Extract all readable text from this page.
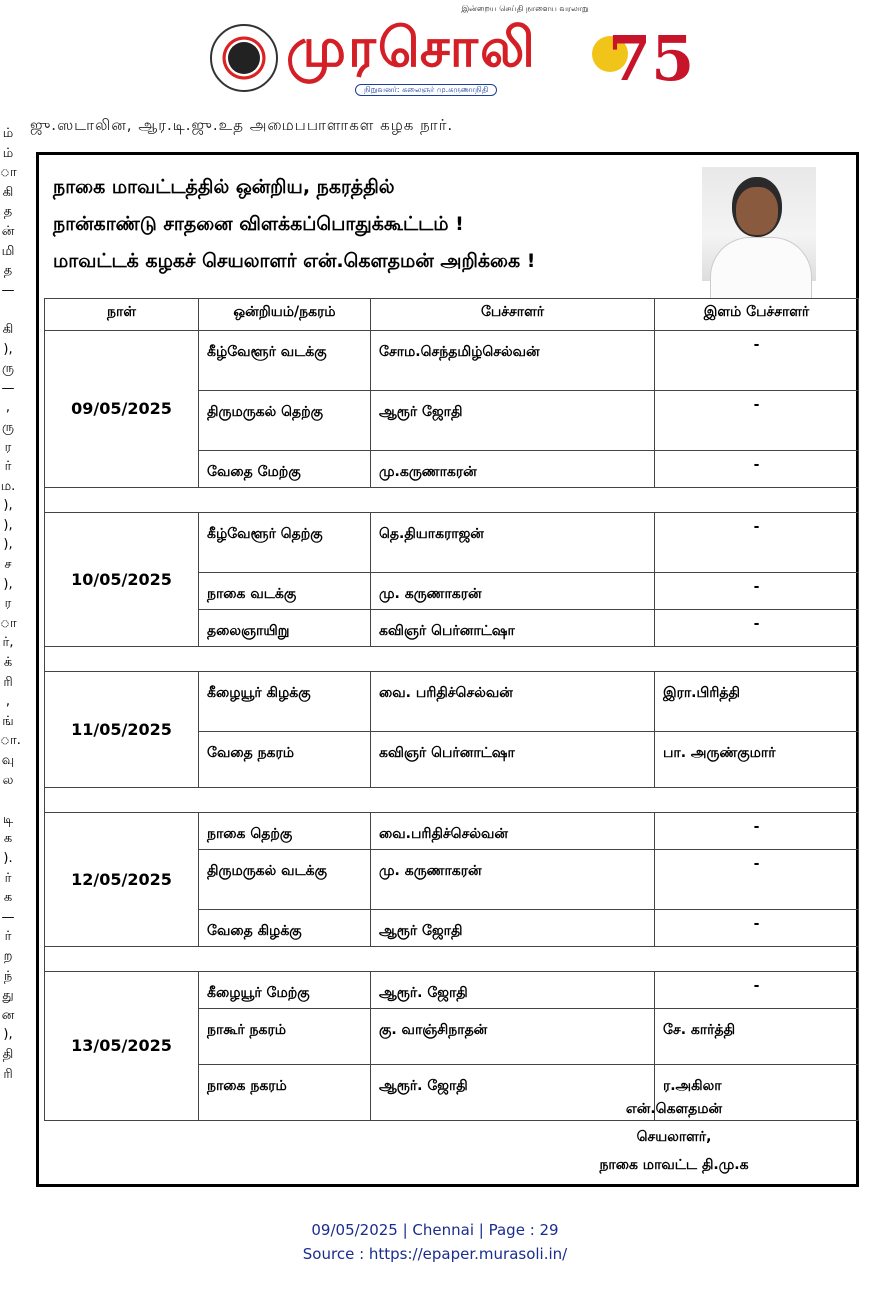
இன்றைய செய்தி நாளைய வரலாறு
முரசொலி
நிறுவனர்: கலைஞர் மு.கருணாநிதி 75
ஜு.ஸடாலின, ஆர.டி.ஜு.உத அமைபபாளாகள கழக நார்.
ம்
ம்
ா
கி
த
ன்
மி
த
—
கி
),
ரு
—
,
ரு
ர
ர்
ம.
),
),
),
ச
),
ர
ா
ர்,
க்
ரி
,
ங்
ா.
வு
ல
டி
க
).
ர்
க
—
ர்
ற
ந்
து
ன
),
தி
ரி
நாகை மாவட்டத்தில் ஒன்றிய, நகரத்தில்
நான்காண்டு சாதனை விளக்கப்பொதுக்கூட்டம் !
மாவட்டக் கழகச் செயலாளர் என்.கௌதமன் அறிக்கை !
நாள்	ஒன்றியம்/நகரம்	பேச்சாளர்	இளம் பேச்சாளர்
09/05/2025	கீழ்வேளூர் வடக்கு	சோம.செந்தமிழ்செல்வன்	-
	திருமருகல் தெற்கு	ஆரூர் ஜோதி	-
	வேதை மேற்கு	மு.கருணாகரன்	-

10/05/2025	கீழ்வேளூர் தெற்கு	தெ.தியாகராஜன்	-
	நாகை வடக்கு	மு. கருணாகரன்	-
	தலைஞாயிறு	கவிஞர் பெர்னாட்ஷா	-

11/05/2025	கீழையூர் கிழக்கு	வை. பரிதிச்செல்வன்	இரா.பிரித்தி
	வேதை நகரம்	கவிஞர் பெர்னாட்ஷா	பா. அருண்குமார்

12/05/2025	நாகை தெற்கு	வை.பரிதிச்செல்வன்	-
	திருமருகல் வடக்கு	மு. கருணாகரன்	-
	வேதை கிழக்கு	ஆரூர் ஜோதி	-

13/05/2025	கீழையூர் மேற்கு	ஆரூர். ஜோதி	-
	நாகூர் நகரம்	கு. வாஞ்சிநாதன்	சே. கார்த்தி
	நாகை நகரம்	ஆரூர். ஜோதி	ர.அகிலா
என்.கௌதமன்
செயலாளர்,
நாகை மாவட்ட தி.மு.க
09/05/2025 | Chennai | Page : 29
Source : https://epaper.murasoli.in/
